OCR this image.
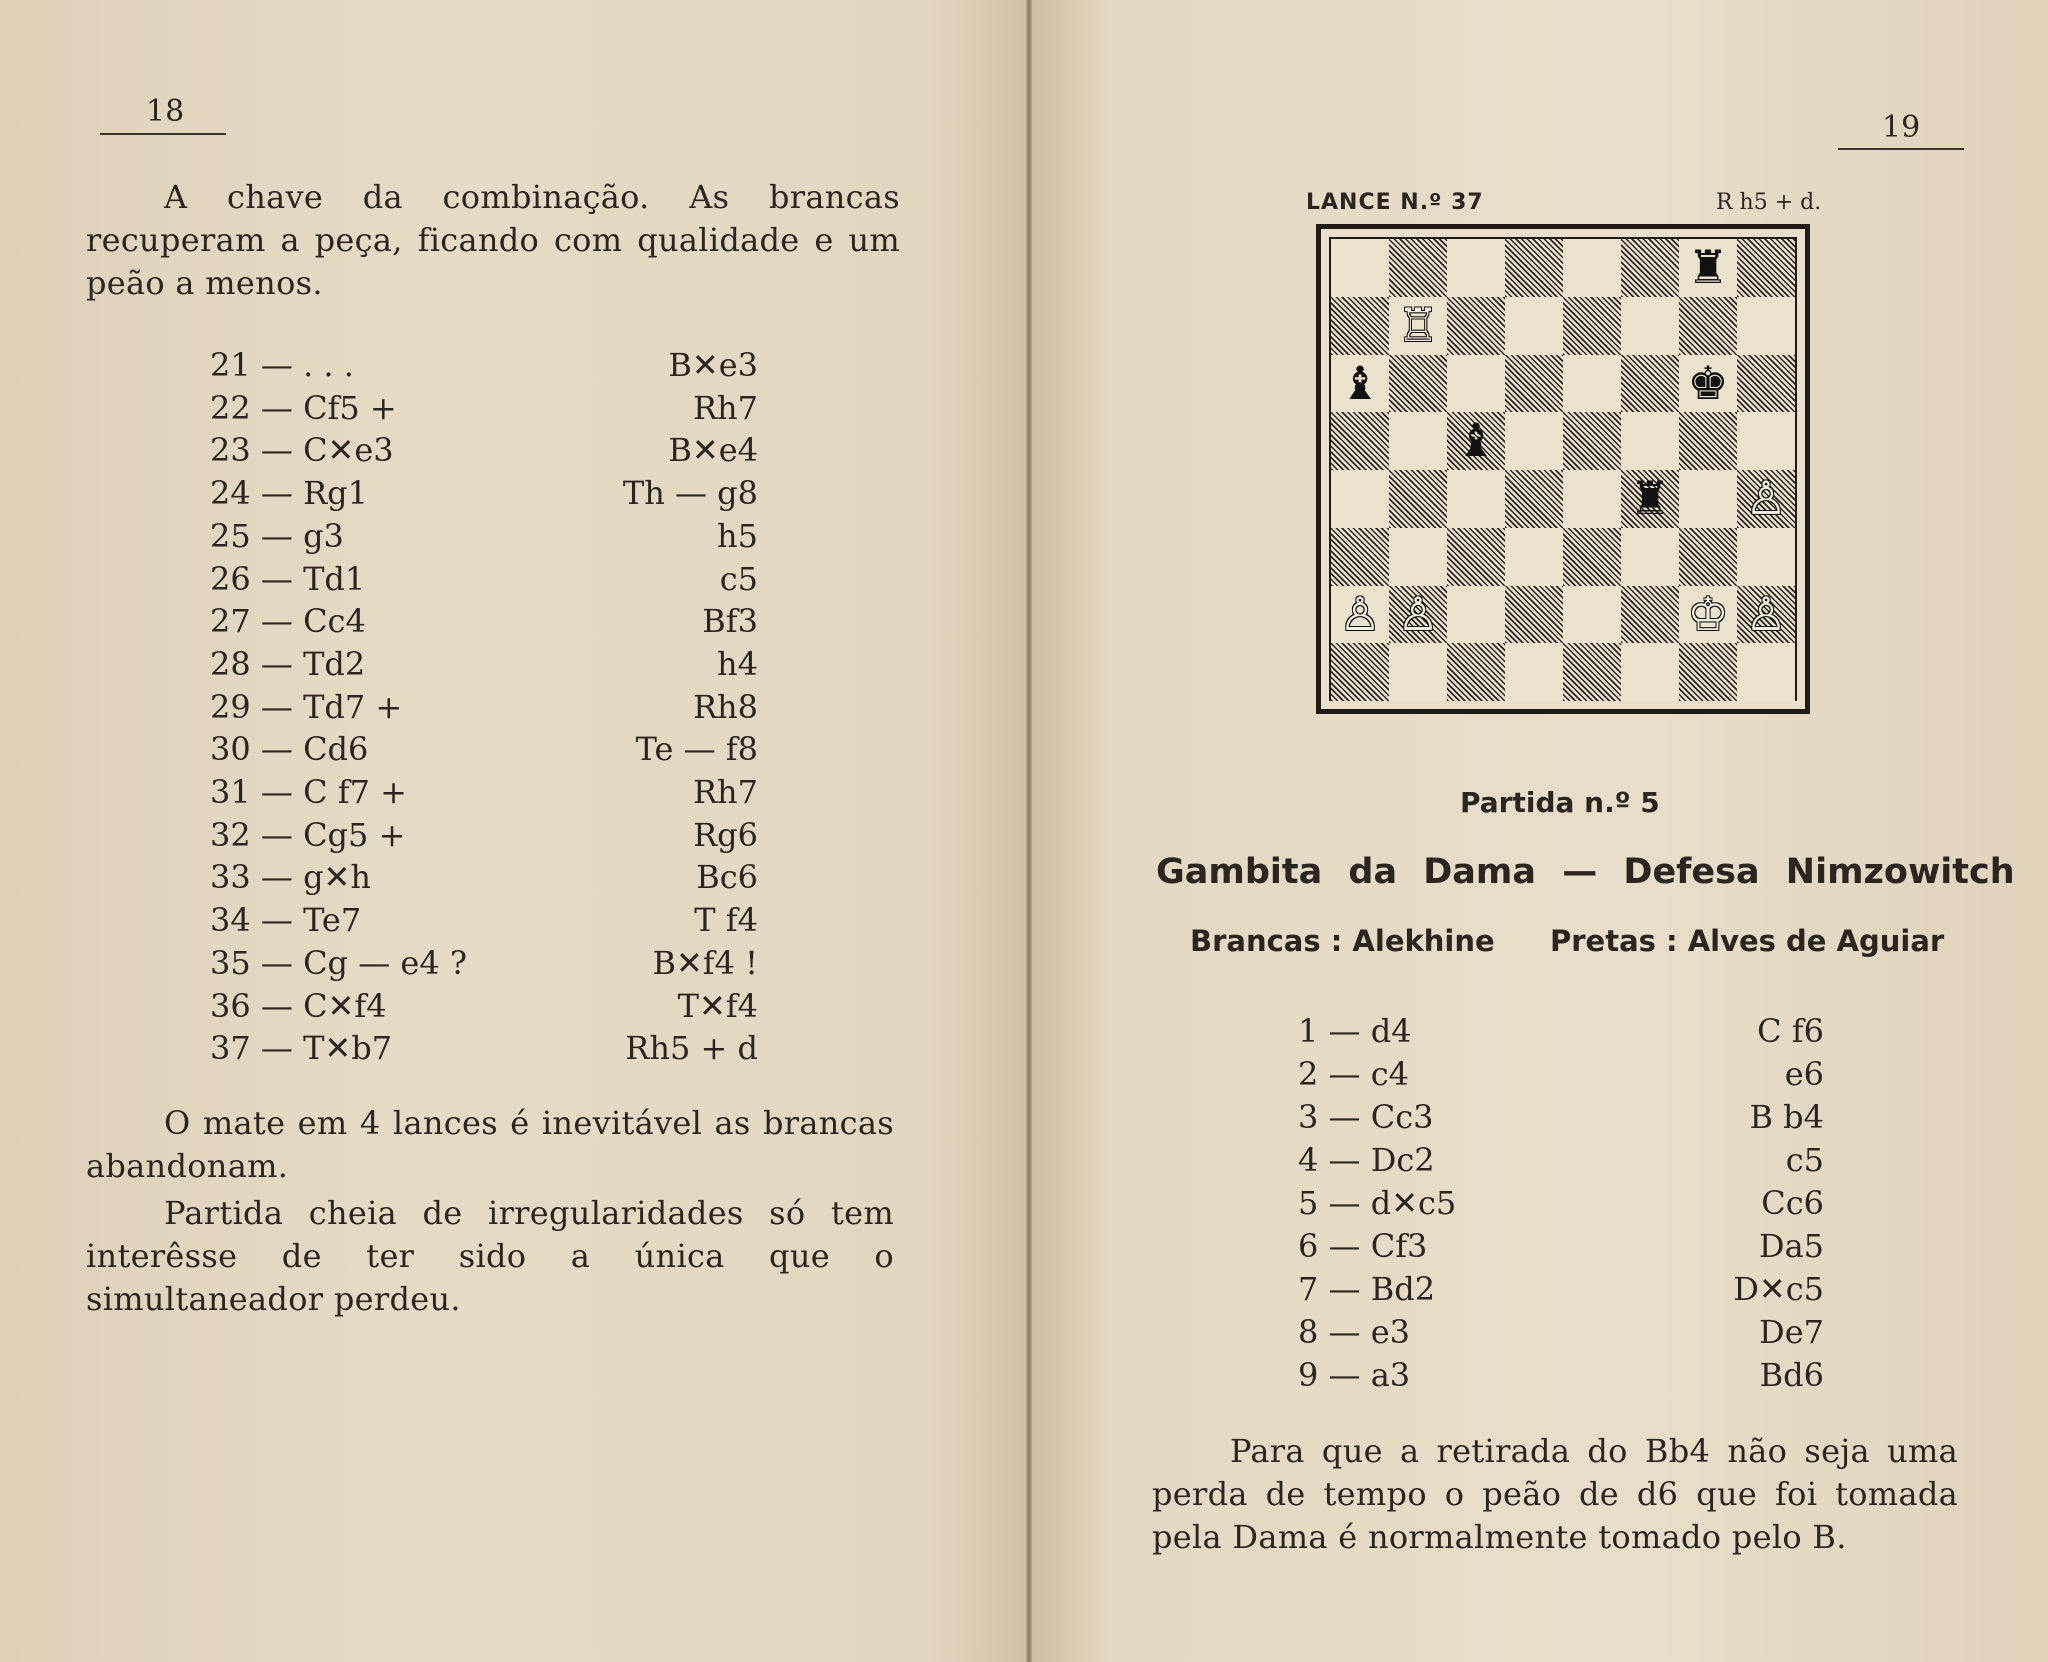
18
A chave da combinação. As brancas recuperam a peça, ficando com qualidade e um peão a menos.
21 — . . .	B✕e3
22 — Cf5 +	Rh7
23 — C✕e3	B✕e4
24 — Rg1	Th — g8
25 — g3	h5
26 — Td1	c5
27 — Cc4	Bf3
28 — Td2	h4
29 — Td7 +	Rh8
30 — Cd6	Te — f8
31 — C f7 +	Rh7
32 — Cg5 +	Rg6
33 — g✕h	Bc6
34 — Te7	T f4
35 — Cg — e4 ?	B✕f4 !
36 — C✕f4	T✕f4
37 — T✕b7	Rh5 + d
O mate em 4 lances é inevitável as brancas abandonam.
Partida cheia de irregularidades só tem interêsse de ter sido a única que o simultaneador perdeu.
19
LANCE N.º 37	R h5 + d.
♜
♖
♝	♚
♝
♜ ♙
♙ ♙	♔ ♙
Partida n.º 5
Gambita da Dama — Defesa Nimzowitch
Brancas : Alekhine Pretas : Alves de Aguiar
1 — d4	C f6
2 — c4	e6
3 — Cc3	B b4
4 — Dc2	c5
5 — d✕c5	Cc6
6 — Cf3	Da5
7 — Bd2	D✕c5
8 — e3	De7
9 — a3	Bd6
Para que a retirada do Bb4 não seja uma perda de tempo o peão de d6 que foi tomada pela Dama é normalmente tomado pelo B.
